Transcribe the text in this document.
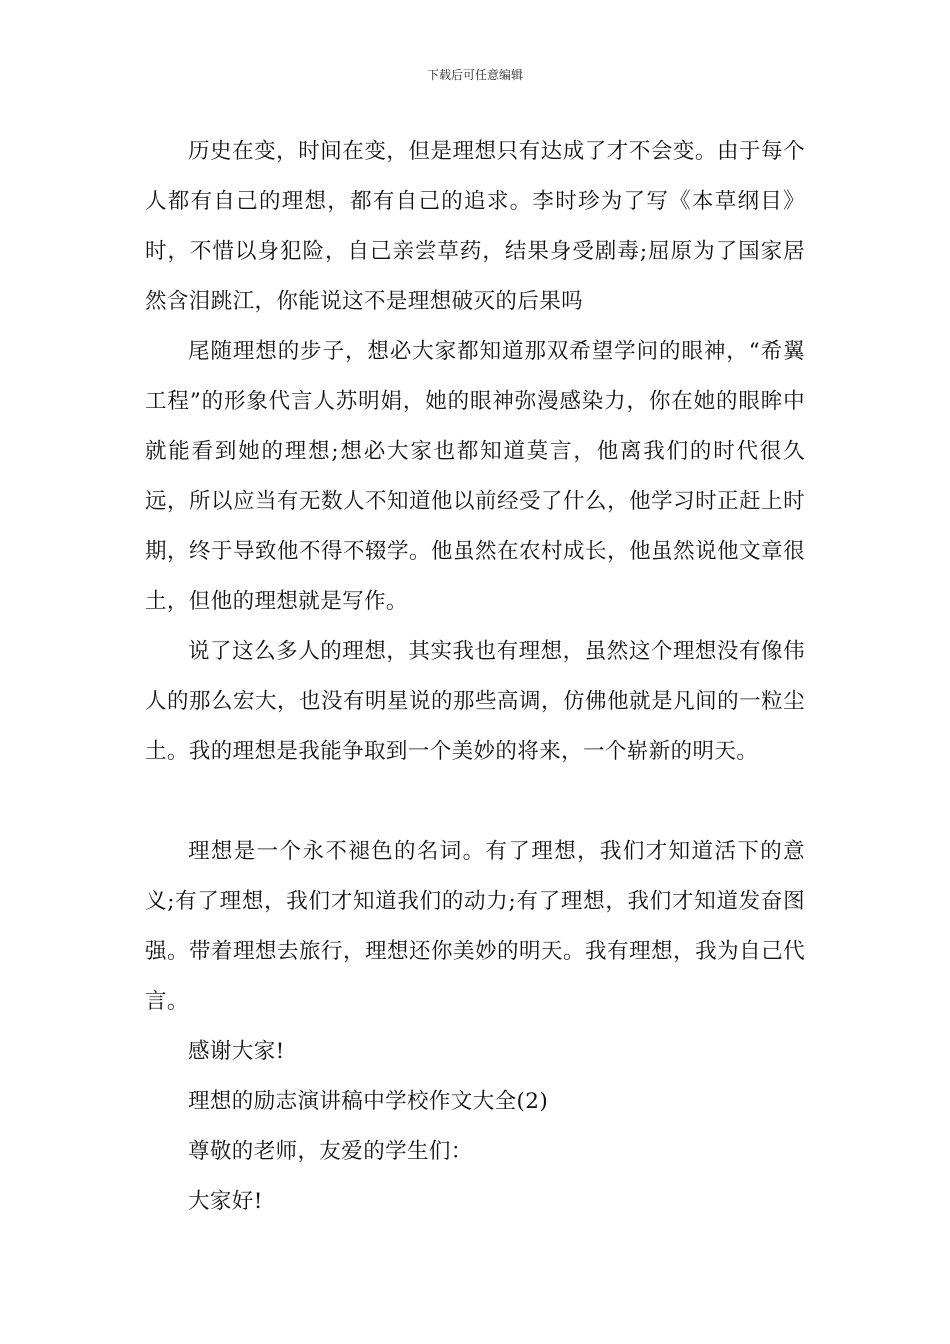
下载后可任意编辑

历史在变，时间在变，但是理想只有达成了才不会变。由于每个人都有自己的理想，都有自己的追求。李时珍为了写《本草纲目》时，不惜以身犯险，自己亲尝草药，结果身受剧毒;屈原为了国家居然含泪跳江，你能说这不是理想破灭的后果吗

尾随理想的步子，想必大家都知道那双希望学问的眼神，“希翼工程”的形象代言人苏明娟，她的眼神弥漫感染力，你在她的眼眸中就能看到她的理想;想必大家也都知道莫言，他离我们的时代很久远，所以应当有无数人不知道他以前经受了什么，他学习时正赶上时期，终于导致他不得不辍学。他虽然在农村成长，他虽然说他文章很土，但他的理想就是写作。

说了这么多人的理想，其实我也有理想，虽然这个理想没有像伟人的那么宏大，也没有明星说的那些高调，仿佛他就是凡间的一粒尘土。我的理想是我能争取到一个美妙的将来，一个崭新的明天。

理想是一个永不褪色的名词。有了理想，我们才知道活下的意义;有了理想，我们才知道我们的动力;有了理想，我们才知道发奋图强。带着理想去旅行，理想还你美妙的明天。我有理想，我为自己代言。

感谢大家!

理想的励志演讲稿中学校作文大全(2)

尊敬的老师，友爱的学生们：

大家好!
